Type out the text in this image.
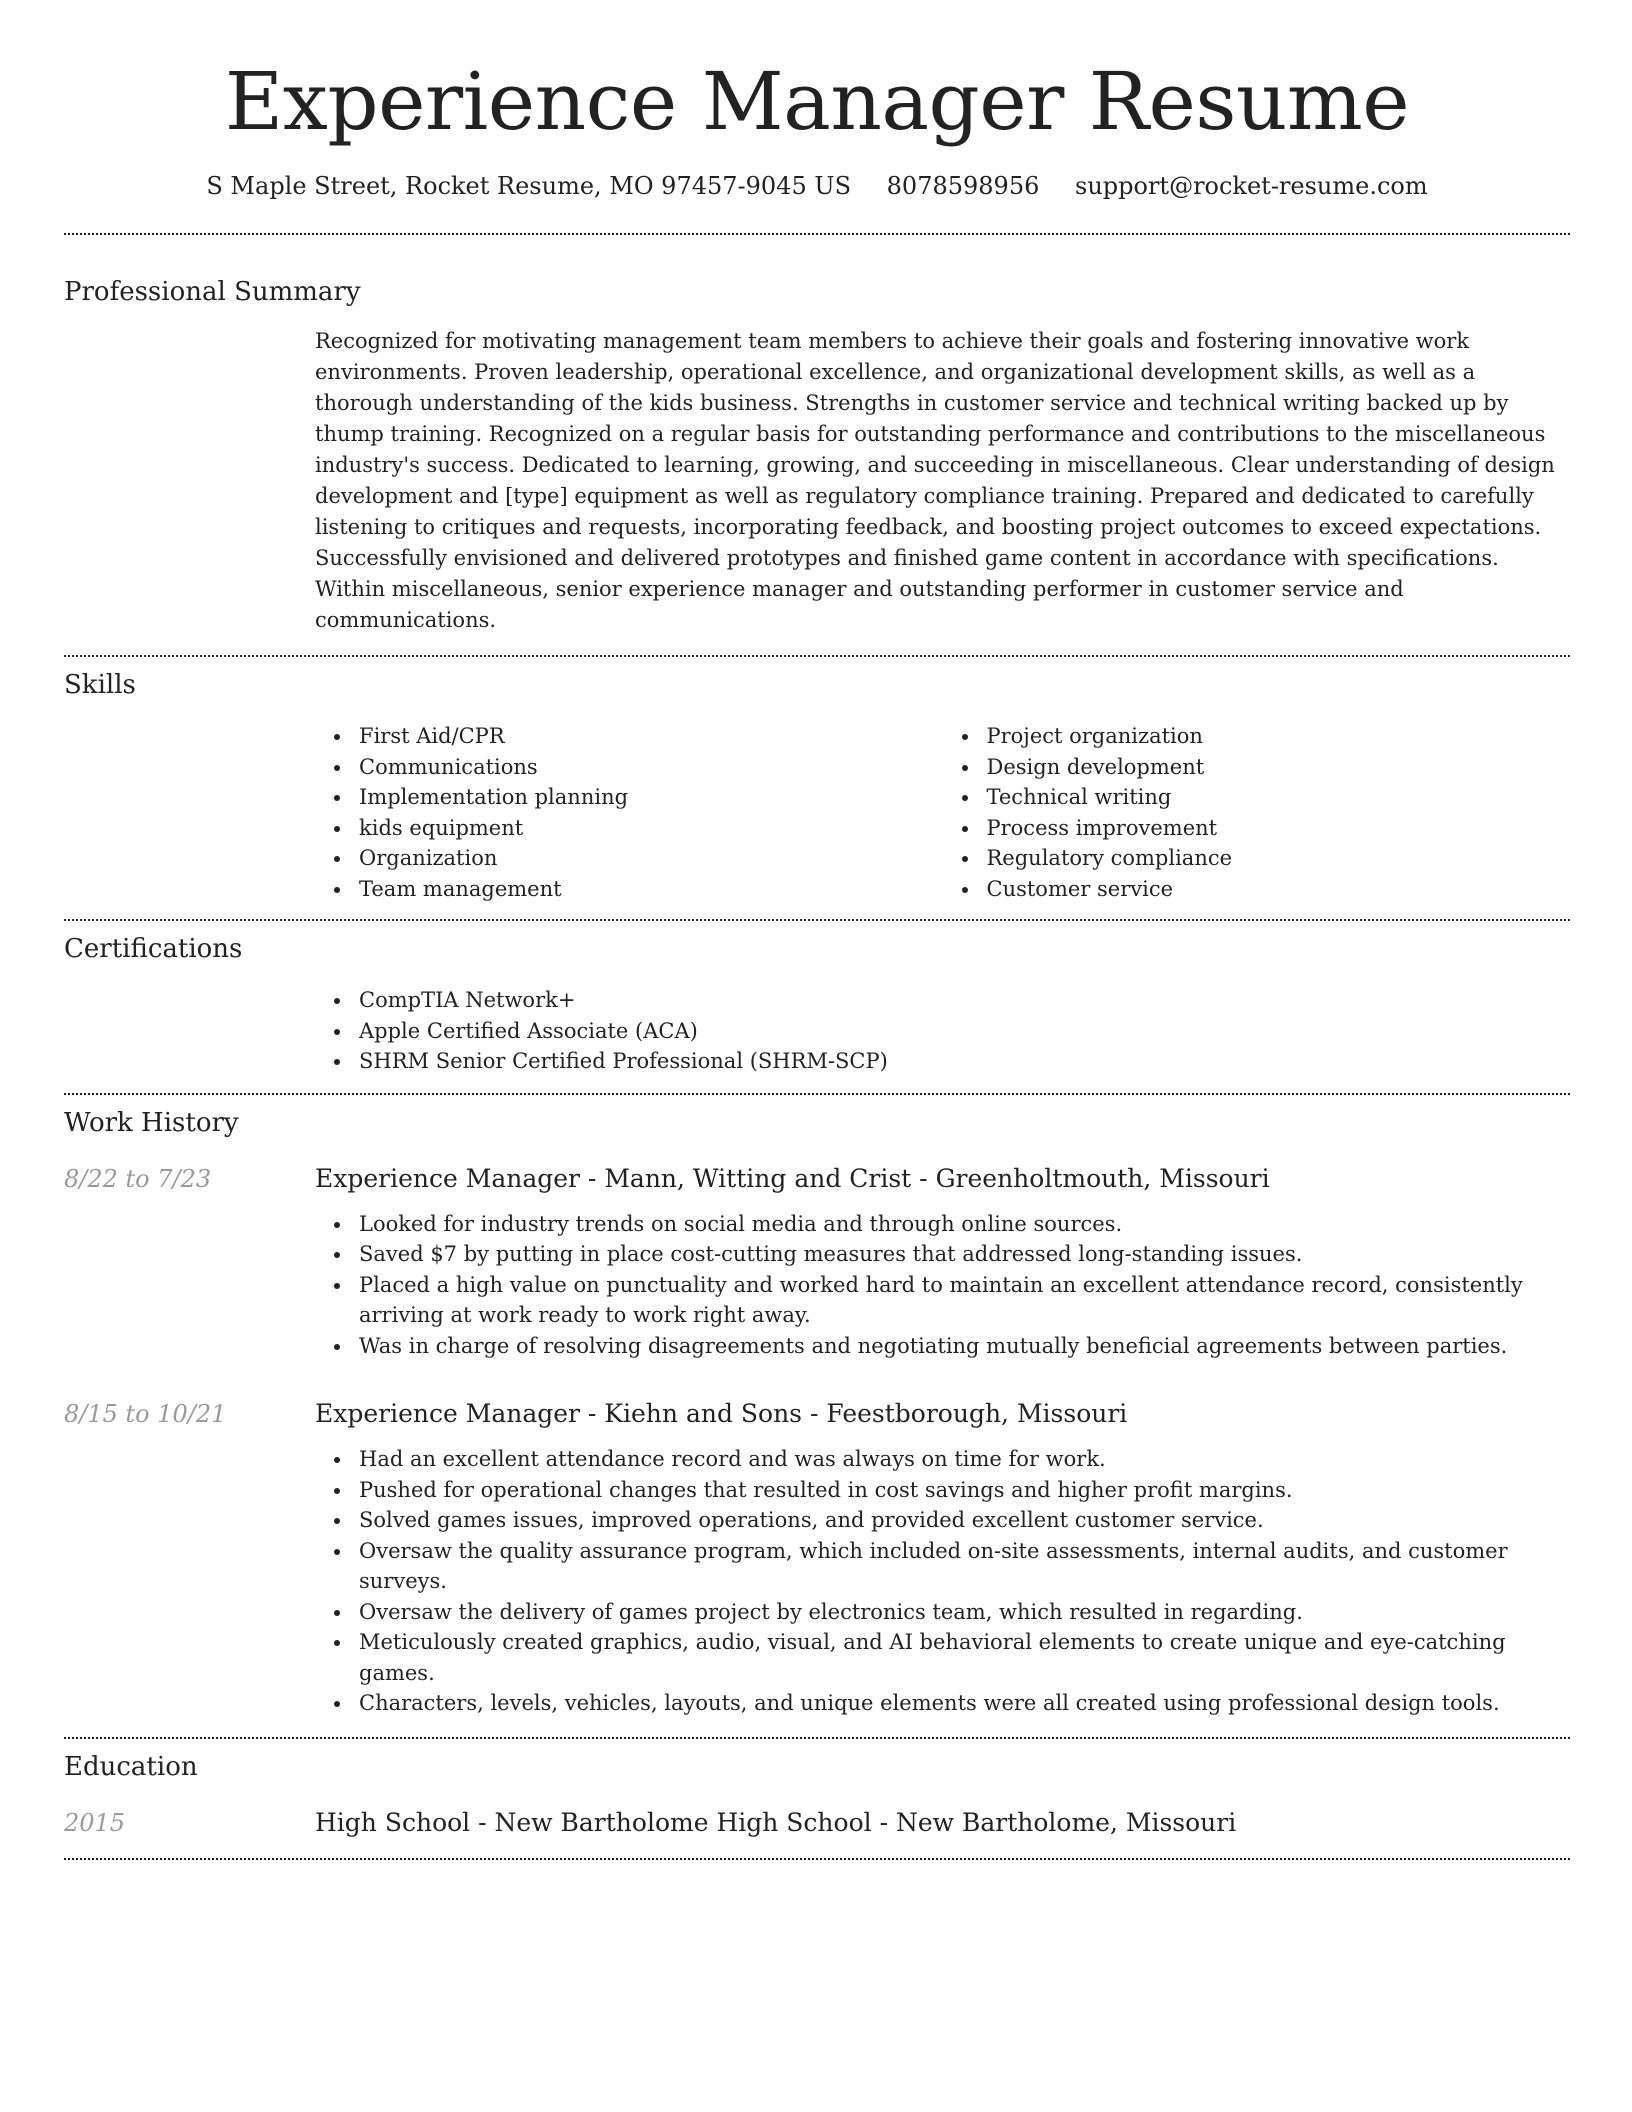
Experience Manager Resume
S Maple Street, Rocket Resume, MO 97457-9045 US 8078598956 support@rocket-resume.com
Professional Summary

Recognized for motivating management team members to achieve their goals and fostering innovative work environments. Proven leadership, operational excellence, and organizational development skills, as well as a thorough understanding of the kids business. Strengths in customer service and technical writing backed up by thump training. Recognized on a regular basis for outstanding performance and contributions to the miscellaneous industry's success. Dedicated to learning, growing, and succeeding in miscellaneous. Clear understanding of design development and [type] equipment as well as regulatory compliance training. Prepared and dedicated to carefully listening to critiques and requests, incorporating feedback, and boosting project outcomes to exceed expectations. Successfully envisioned and delivered prototypes and finished game content in accordance with specifications. Within miscellaneous, senior experience manager and outstanding performer in customer service and communications.

Skills
First Aid/CPR
Communications
Implementation planning
kids equipment
Organization
Team management
Project organization
Design development
Technical writing
Process improvement
Regulatory compliance
Customer service
Certifications
CompTIA Network+
Apple Certified Associate (ACA)
SHRM Senior Certified Professional (SHRM-SCP)
Work History
8/22 to 7/23	Experience Manager - Mann, Witting and Crist - Greenholtmouth, Missouri
Looked for industry trends on social media and through online sources.
Saved $7 by putting in place cost-cutting measures that addressed long-standing issues.
Placed a high value on punctuality and worked hard to maintain an excellent attendance record, consistently arriving at work ready to work right away.
Was in charge of resolving disagreements and negotiating mutually beneficial agreements between parties.
8/15 to 10/21	Experience Manager - Kiehn and Sons - Feestborough, Missouri
Had an excellent attendance record and was always on time for work.
Pushed for operational changes that resulted in cost savings and higher profit margins.
Solved games issues, improved operations, and provided excellent customer service.
Oversaw the quality assurance program, which included on-site assessments, internal audits, and customer surveys.
Oversaw the delivery of games project by electronics team, which resulted in regarding.
Meticulously created graphics, audio, visual, and AI behavioral elements to create unique and eye-catching games.
Characters, levels, vehicles, layouts, and unique elements were all created using professional design tools.
Education
2015	High School - New Bartholome High School - New Bartholome, Missouri
